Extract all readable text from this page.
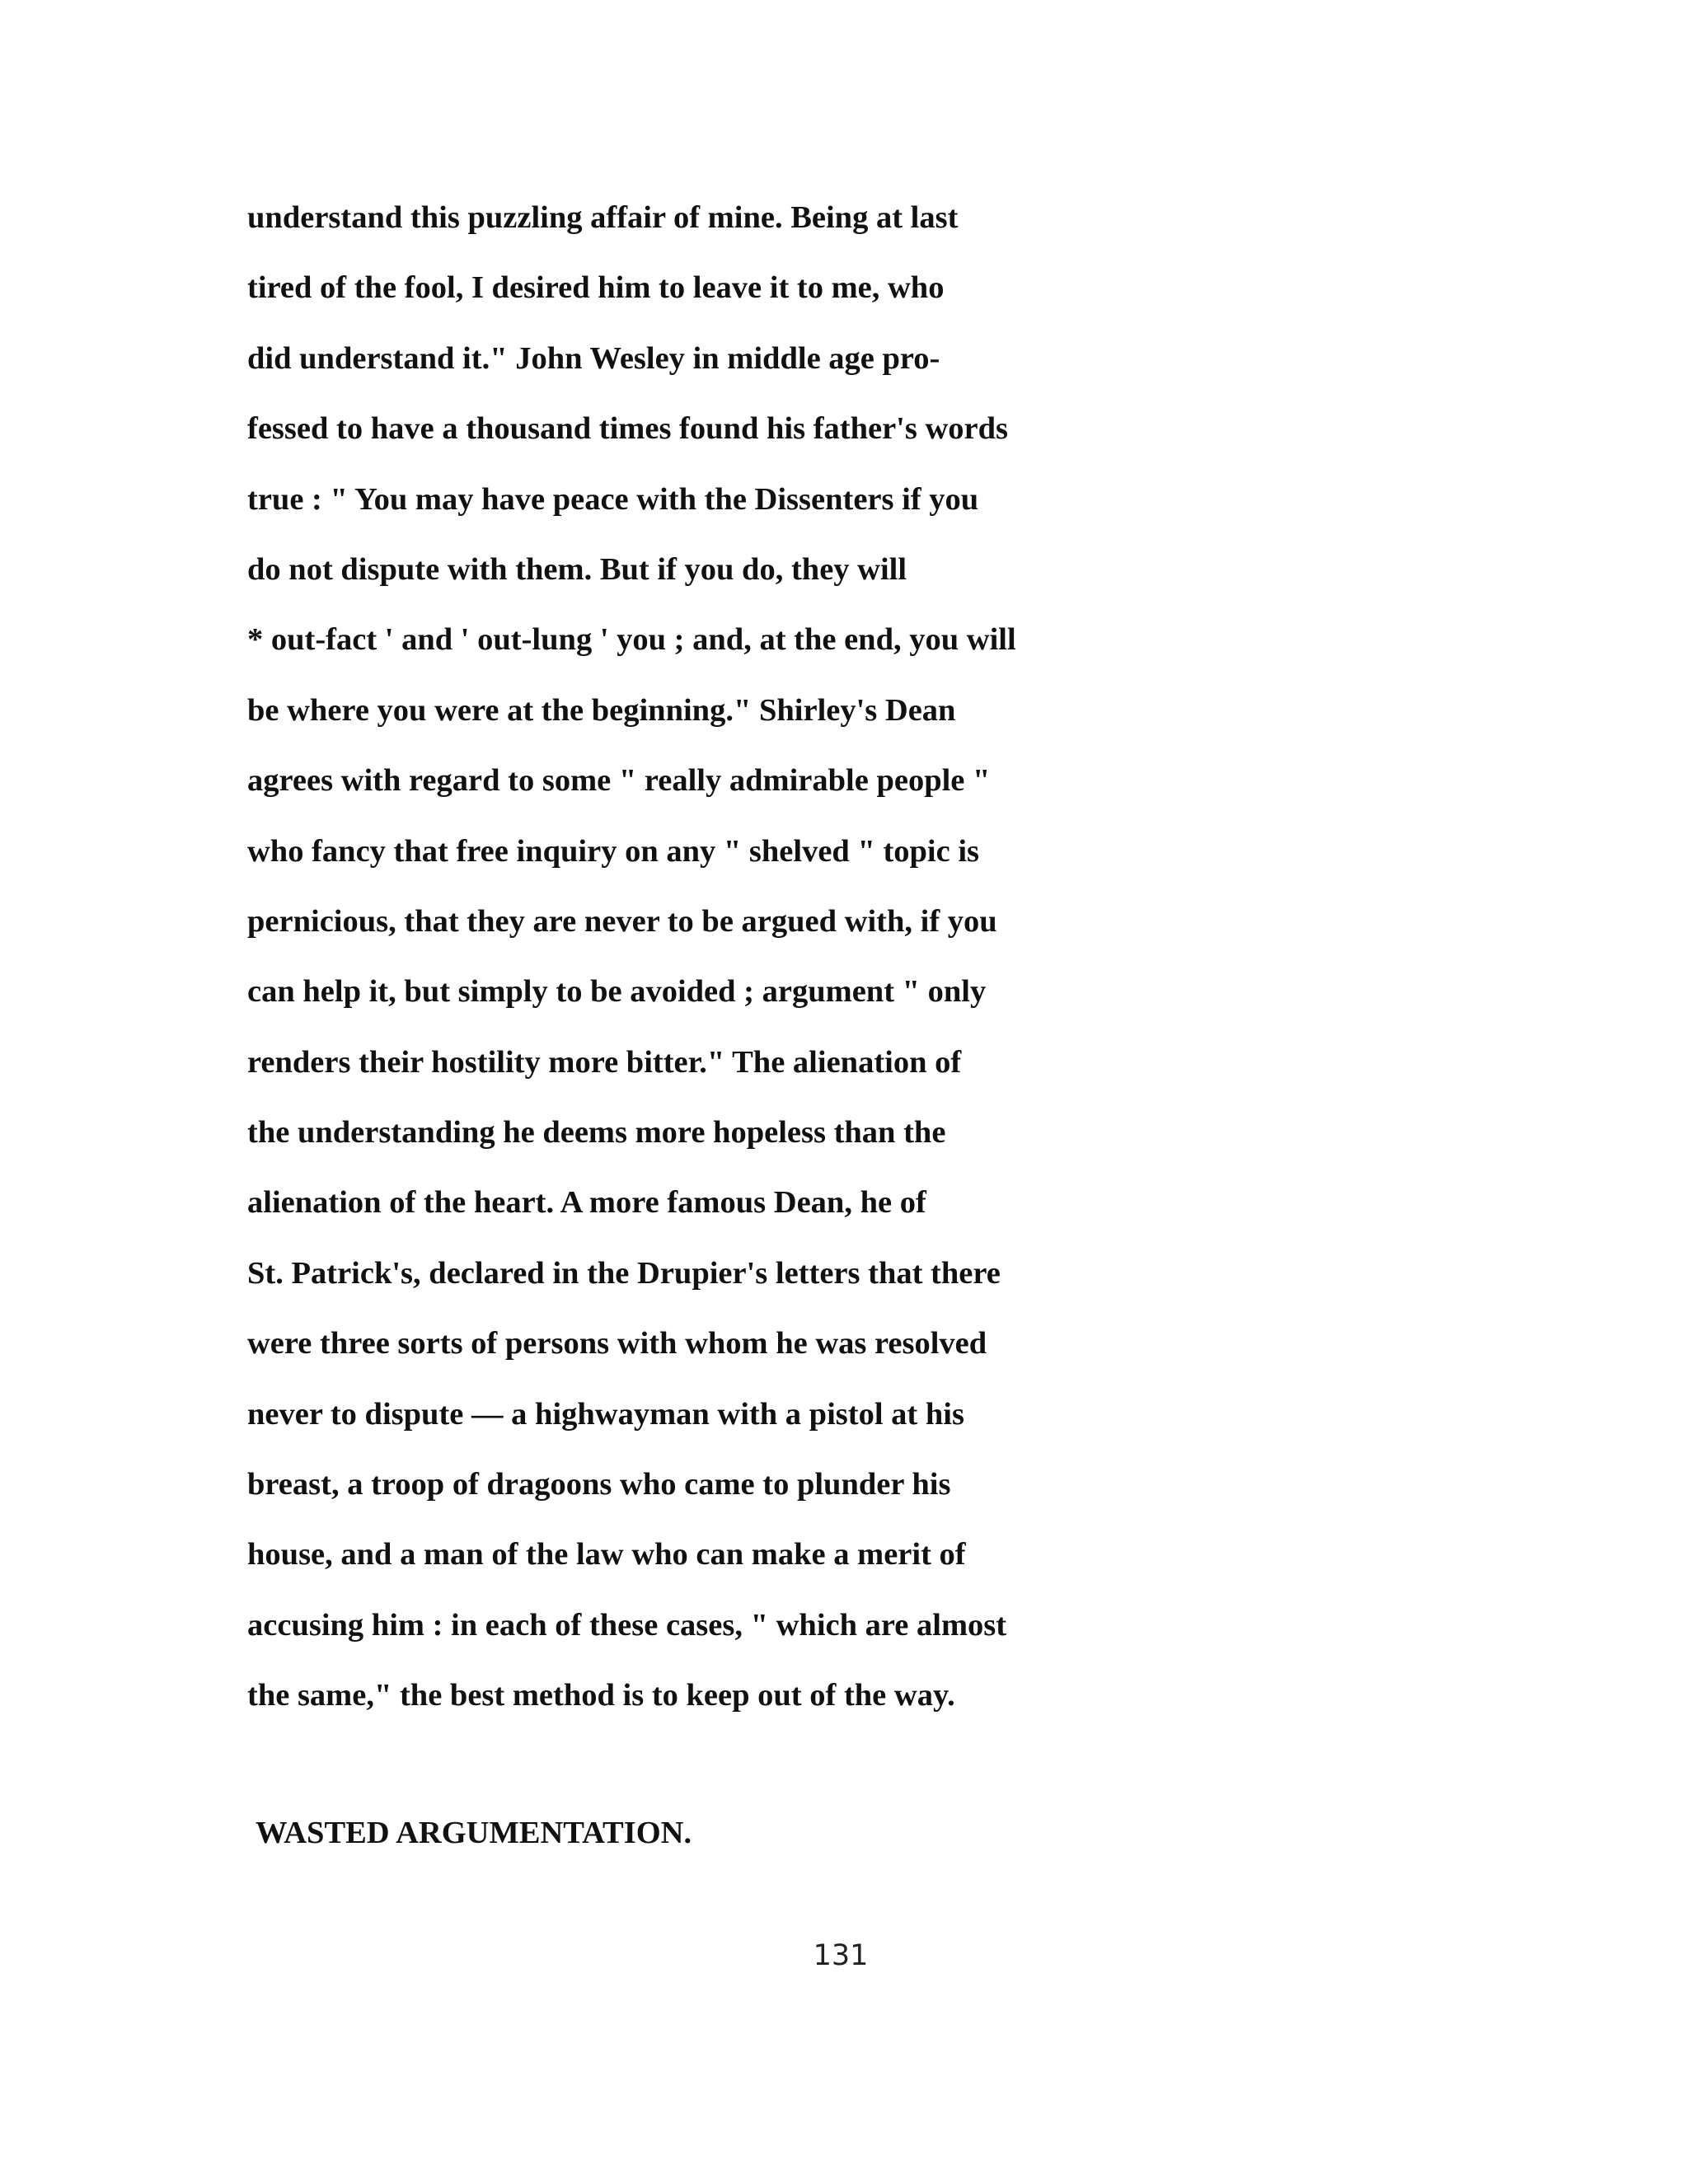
understand this puzzling affair of mine. Being at last
tired of the fool, I desired him to leave it to me, who
did understand it." John Wesley in middle age pro-
fessed to have a thousand times found his father's words
true : " You may have peace with the Dissenters if you
do not dispute with them. But if you do, they will
* out-fact ' and ' out-lung ' you ; and, at the end, you will
be where you were at the beginning." Shirley's Dean
agrees with regard to some " really admirable people "
who fancy that free inquiry on any " shelved " topic is
pernicious, that they are never to be argued with, if you
can help it, but simply to be avoided ; argument " only
renders their hostility more bitter." The alienation of
the understanding he deems more hopeless than the
alienation of the heart. A more famous Dean, he of
St. Patrick's, declared in the Drupier's letters that there
were three sorts of persons with whom he was resolved
never to dispute — a highwayman with a pistol at his
breast, a troop of dragoons who came to plunder his
house, and a man of the law who can make a merit of
accusing him : in each of these cases, " which are almost
the same," the best method is to keep out of the way.
WASTED ARGUMENTATION.
131
